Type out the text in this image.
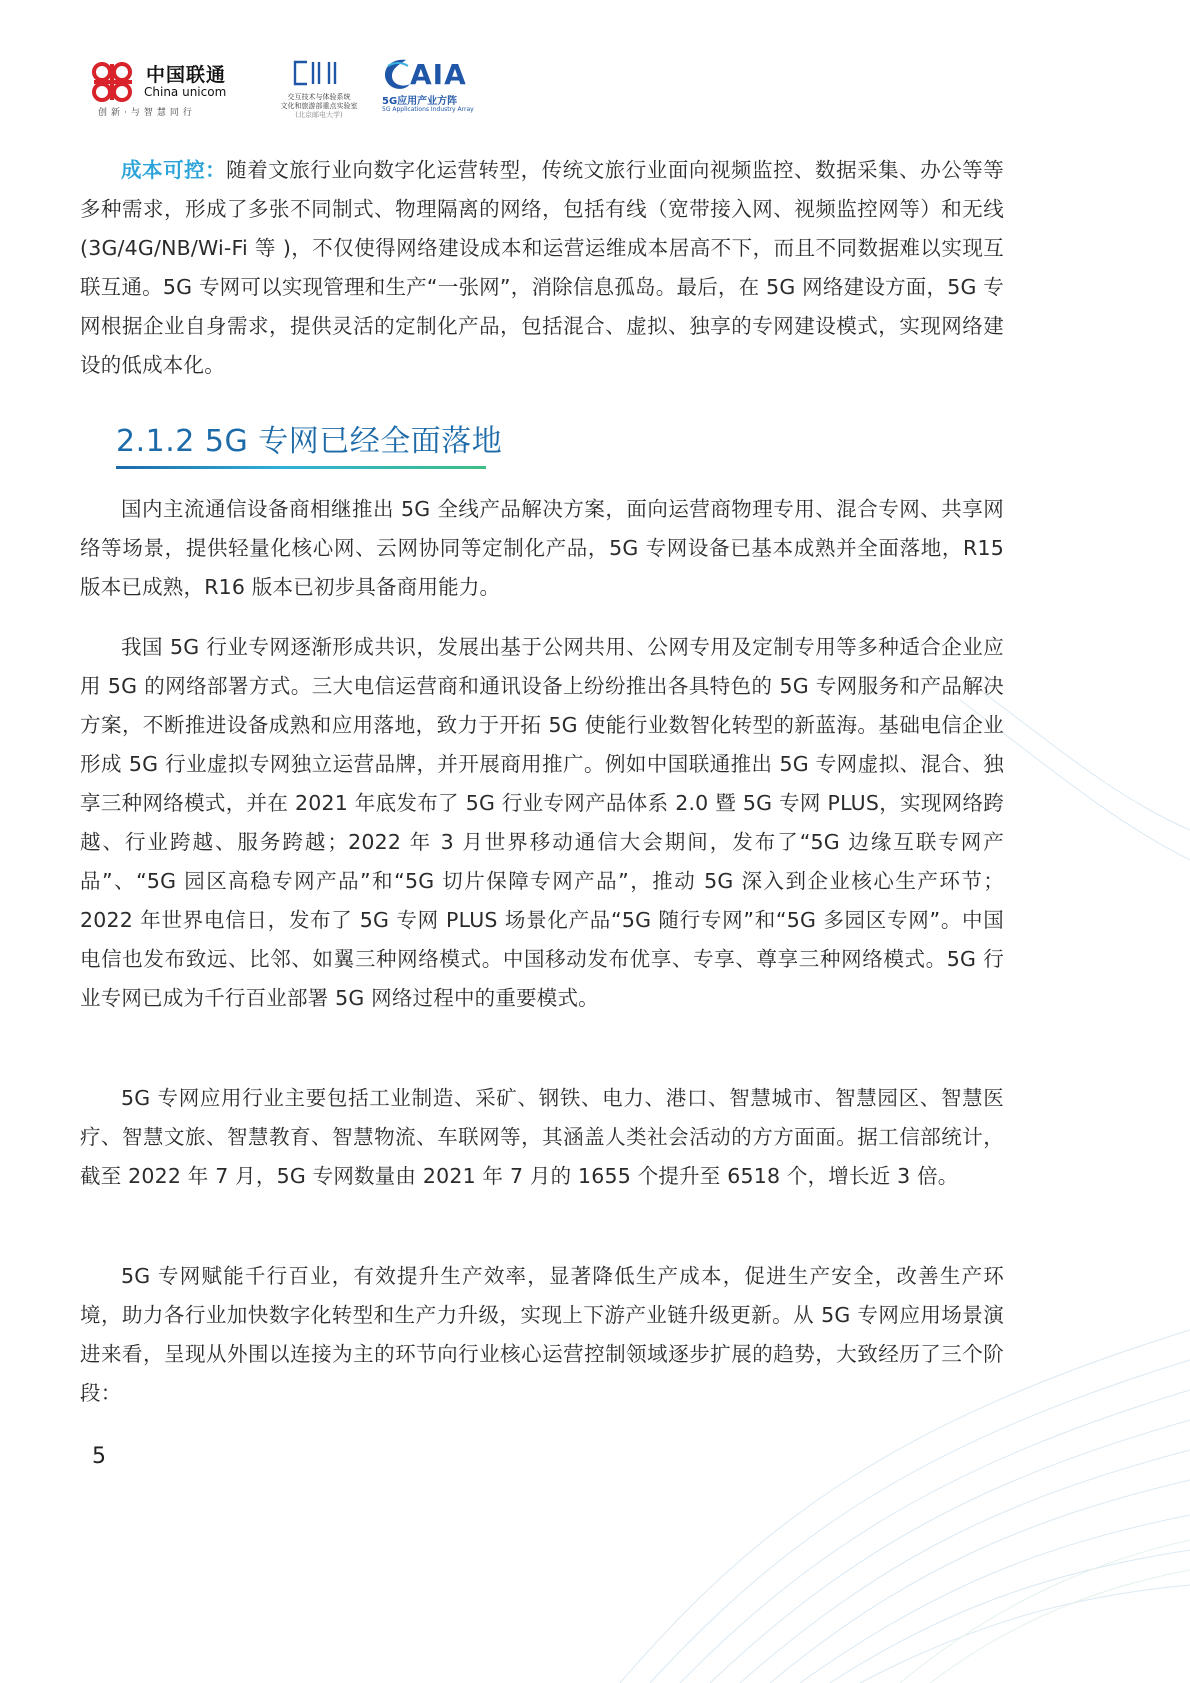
中国联通
China unicom
创新·与智慧同行
交互技术与体验系统
文化和旅游部重点实验室
(北京邮电大学)
AIA
5G应用产业方阵
5G Applications Industry Array

成本可控：随着文旅行业向数字化运营转型，传统文旅行业面向视频监控、数据采集、办公等等多种需求，形成了多张不同制式、物理隔离的网络，包括有线（宽带接入网、视频监控网等）和无线 (3G/4G/NB/Wi-Fi 等 )，不仅使得网络建设成本和运营运维成本居高不下，而且不同数据难以实现互联互通。5G 专网可以实现管理和生产“一张网”，消除信息孤岛。最后，在 5G 网络建设方面，5G 专网根据企业自身需求，提供灵活的定制化产品，包括混合、虚拟、独享的专网建设模式，实现网络建设的低成本化。

2.1.2 5G 专网已经全面落地

国内主流通信设备商相继推出 5G 全线产品解决方案，面向运营商物理专用、混合专网、共享网络等场景，提供轻量化核心网、云网协同等定制化产品，5G 专网设备已基本成熟并全面落地，R15 版本已成熟，R16 版本已初步具备商用能力。

我国 5G 行业专网逐渐形成共识，发展出基于公网共用、公网专用及定制专用等多种适合企业应用 5G 的网络部署方式。三大电信运营商和通讯设备上纷纷推出各具特色的 5G 专网服务和产品解决方案，不断推进设备成熟和应用落地，致力于开拓 5G 使能行业数智化转型的新蓝海。基础电信企业形成 5G 行业虚拟专网独立运营品牌，并开展商用推广。例如中国联通推出 5G 专网虚拟、混合、独享三种网络模式，并在 2021 年底发布了 5G 行业专网产品体系 2.0 暨 5G 专网 PLUS，实现网络跨越、行业跨越、服务跨越；2022 年 3 月世界移动通信大会期间，发布了“5G 边缘互联专网产品”、“5G 园区高稳专网产品”和“5G 切片保障专网产品”，推动 5G 深入到企业核心生产环节；2022 年世界电信日，发布了 5G 专网 PLUS 场景化产品“5G 随行专网”和“5G 多园区专网”。中国电信也发布致远、比邻、如翼三种网络模式。中国移动发布优享、专享、尊享三种网络模式。5G 行业专网已成为千行百业部署 5G 网络过程中的重要模式。

5G 专网应用行业主要包括工业制造、采矿、钢铁、电力、港口、智慧城市、智慧园区、智慧医疗、智慧文旅、智慧教育、智慧物流、车联网等，其涵盖人类社会活动的方方面面。据工信部统计，截至 2022 年 7 月，5G 专网数量由 2021 年 7 月的 1655 个提升至 6518 个，增长近 3 倍。

5G 专网赋能千行百业，有效提升生产效率，显著降低生产成本，促进生产安全，改善生产环境，助力各行业加快数字化转型和生产力升级，实现上下游产业链升级更新。从 5G 专网应用场景演进来看，呈现从外围以连接为主的环节向行业核心运营控制领域逐步扩展的趋势，大致经历了三个阶段：

5
